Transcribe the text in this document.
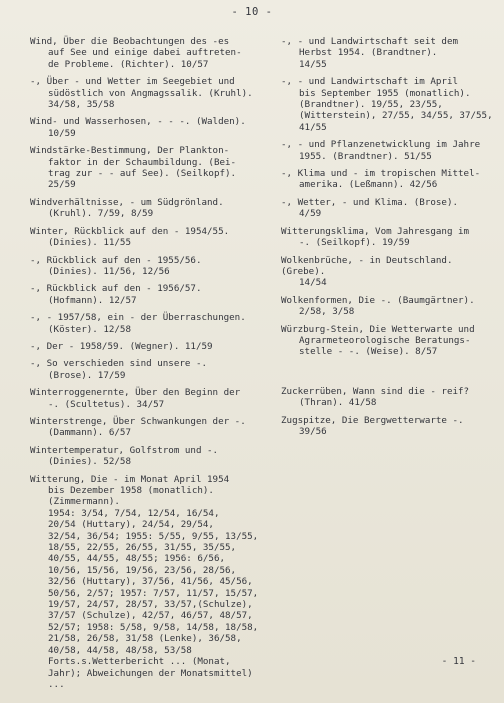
- 10 -
Wind, Über die Beobachtungen des -es
auf See und einige dabei auftreten-
de Probleme. (Richter). 10/57
-, Über - und Wetter im Seegebiet und
südöstlich von Angmagssalik. (Kruhl).
34/58, 35/58
Wind- und Wasserhosen, - - -. (Walden).
10/59
Windstärke-Bestimmung, Der Plankton-
faktor in der Schaumbildung. (Bei-
trag zur - - auf See). (Seilkopf).
25/59
Windverhältnisse, - um Südgrönland.
(Kruhl). 7/59, 8/59
Winter, Rückblick auf den - 1954/55.
(Dinies). 11/55
-, Rückblick auf den - 1955/56.
(Dinies). 11/56, 12/56
-, Rückblick auf den - 1956/57.
(Hofmann). 12/57
-, - 1957/58, ein - der Überraschungen.
(Köster). 12/58
-, Der - 1958/59. (Wegner). 11/59
-, So verschieden sind unsere -.
(Brose). 17/59
Winterroggenernte, Über den Beginn der
-. (Scultetus). 34/57
Winterstrenge, Über Schwankungen der -.
(Dammann). 6/57
Wintertemperatur, Golfstrom und -.
(Dinies). 52/58
Witterung, Die - im Monat April 1954
bis Dezember 1958 (monatlich).
(Zimmermann).
1954: 3/54, 7/54, 12/54, 16/54,
20/54 (Huttary), 24/54, 29/54,
32/54, 36/54; 1955: 5/55, 9/55, 13/55,
18/55, 22/55, 26/55, 31/55, 35/55,
40/55, 44/55, 48/55; 1956: 6/56,
10/56, 15/56, 19/56, 23/56, 28/56,
32/56 (Huttary), 37/56, 41/56, 45/56,
50/56, 2/57; 1957: 7/57, 11/57, 15/57,
19/57, 24/57, 28/57, 33/57,(Schulze),
37/57 (Schulze), 42/57, 46/57, 48/57,
52/57; 1958: 5/58, 9/58, 14/58, 18/58,
21/58, 26/58, 31/58 (Lenke), 36/58,
40/58, 44/58, 48/58, 53/58
Forts.s.Wetterbericht ... (Monat,
Jahr); Abweichungen der Monatsmittel)
...
-, - und Landwirtschaft seit dem
Herbst 1954. (Brandtner).
14/55
-, - und Landwirtschaft im April
bis September 1955 (monatlich).
(Brandtner). 19/55, 23/55,
(Witterstein), 27/55, 34/55, 37/55,
41/55
-, - und Pflanzenetwicklung im Jahre
1955. (Brandtner). 51/55
-, Klima und - im tropischen Mittel-
amerika. (Leßmann). 42/56
-, Wetter, - und Klima. (Brose).
4/59
Witterungsklima, Vom Jahresgang im
-. (Seilkopf). 19/59
Wolkenbrüche, - in Deutschland. (Grebe).
14/54
Wolkenformen, Die -. (Baumgärtner).
2/58, 3/58
Würzburg-Stein, Die Wetterwarte und
Agrarmeteorologische Beratungs-
stelle - -. (Weise). 8/57
Zuckerrüben, Wann sind die - reif?
(Thran). 41/58
Zugspitze, Die Bergwetterwarte -.
39/56
- 11 -
